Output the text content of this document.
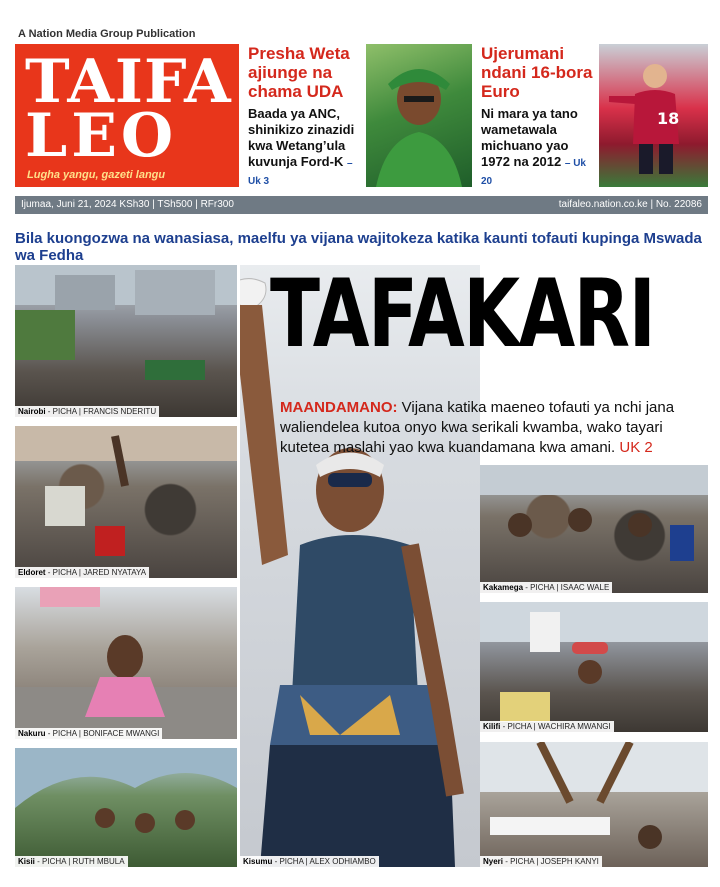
A Nation Media Group Publication
TAIFA
LEO
Lugha yangu, gazeti langu
Presha Weta ajiunge na chama UDA
Baada ya ANC, shinikizo zinazidi kwa Wetang’ula kuvunja Ford-K – Uk 3
Ujerumani ndani 16-bora Euro
Ni mara ya tano wametawala michuano yao 1972 na 2012 – Uk 20
18
Ijumaa, Juni 21, 2024 KSh30 | TSh500 | RFr300	taifaleo.nation.co.ke | No. 22086
Bila kuongozwa na wanasiasa, maelfu ya vijana wajitokeza katika kaunti tofauti kupinga Mswada wa Fedha
Nairobi - PICHA | FRANCIS NDERITU
Eldoret - PICHA | JARED NYATAYA
Nakuru - PICHA | BONIFACE MWANGI
Kisii - PICHA | RUTH MBULA	Kisumu - PICHA | ALEX ODHIAMBO
TAFAKARI
MAANDAMANO: Vijana katika maeneo tofauti ya nchi jana waliendelea kutoa onyo kwa serikali kwamba, wako tayari kutetea maslahi yao kwa kuandamana kwa amani. UK 2
Kakamega - PICHA | ISAAC WALE
Kilifi - PICHA | WACHIRA MWANGI
Nyeri - PICHA | JOSEPH KANYI
